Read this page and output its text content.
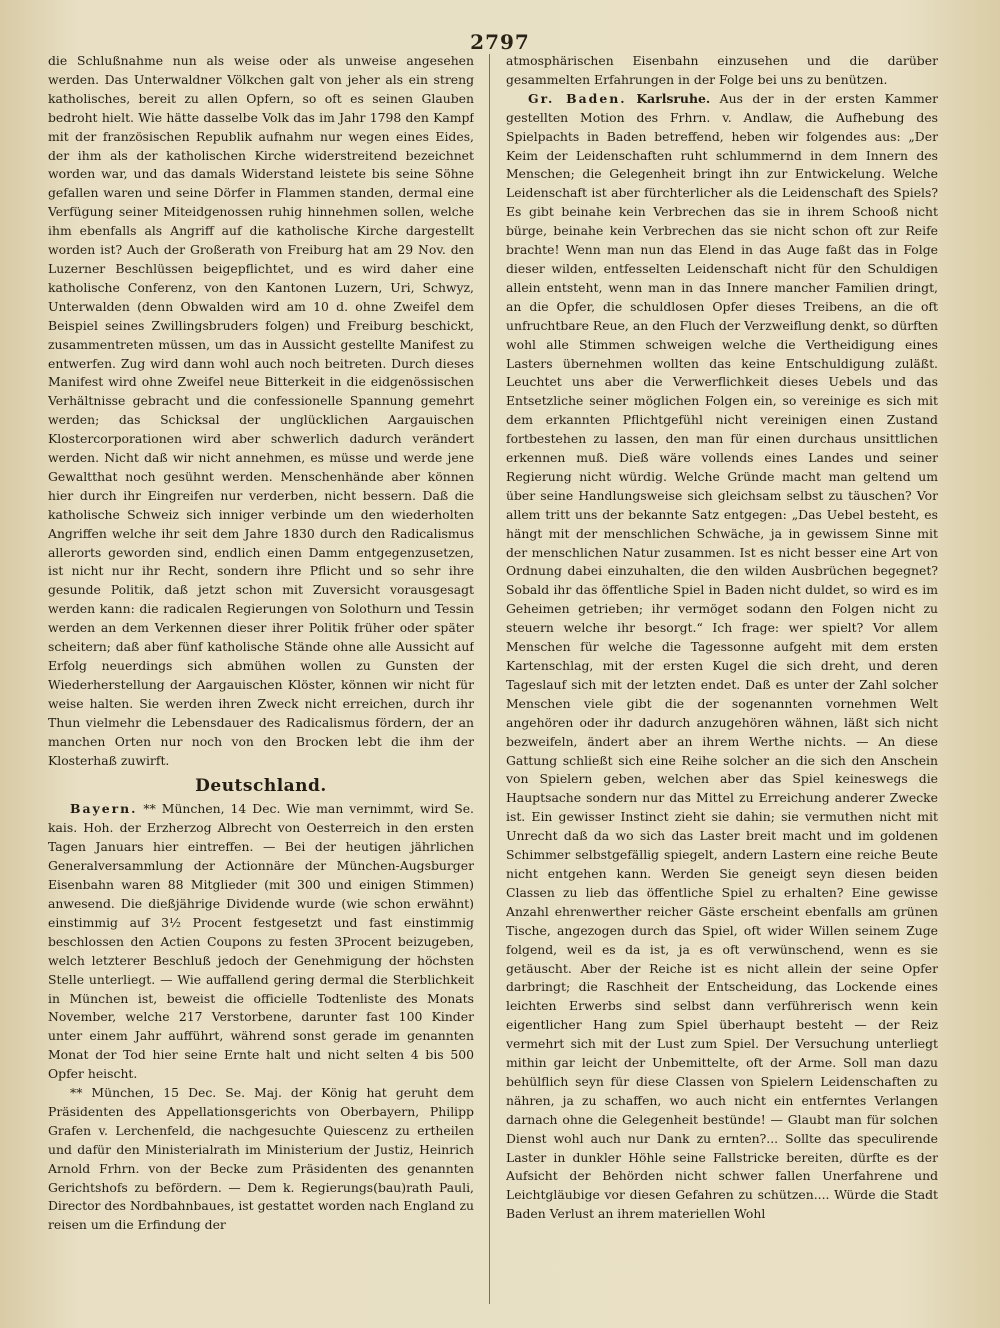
2797

die Schlußnahme nun als weise oder als unweise angesehen werden. Das Unterwaldner Völkchen galt von jeher als ein streng katholisches, bereit zu allen Opfern, so oft es seinen Glauben bedroht hielt. Wie hätte dasselbe Volk das im Jahr 1798 den Kampf mit der französischen Republik aufnahm nur wegen eines Eides, der ihm als der katholischen Kirche widerstreitend bezeichnet worden war, und das damals Widerstand leistete bis seine Söhne gefallen waren und seine Dörfer in Flammen standen, dermal eine Verfügung seiner Miteidgenossen ruhig hinnehmen sollen, welche ihm ebenfalls als Angriff auf die katholische Kirche dargestellt worden ist? Auch der Großerath von Freiburg hat am 29 Nov. den Luzerner Beschlüssen beigepflichtet, und es wird daher eine katholische Conferenz, von den Kantonen Luzern, Uri, Schwyz, Unterwalden (denn Obwalden wird am 10 d. ohne Zweifel dem Beispiel seines Zwillingsbruders folgen) und Freiburg beschickt, zusammentreten müssen, um das in Aussicht gestellte Manifest zu entwerfen. Zug wird dann wohl auch noch beitreten. Durch dieses Manifest wird ohne Zweifel neue Bitterkeit in die eidgenössischen Verhältnisse gebracht und die confessionelle Spannung gemehrt werden; das Schicksal der unglücklichen Aargauischen Klostercorporationen wird aber schwerlich dadurch verändert werden. Nicht daß wir nicht annehmen, es müsse und werde jene Gewaltthat noch gesühnt werden. Menschenhände aber können hier durch ihr Eingreifen nur verderben, nicht bessern. Daß die katholische Schweiz sich inniger verbinde um den wiederholten Angriffen welche ihr seit dem Jahre 1830 durch den Radicalismus allerorts geworden sind, endlich einen Damm entgegenzusetzen, ist nicht nur ihr Recht, sondern ihre Pflicht und so sehr ihre gesunde Politik, daß jetzt schon mit Zuversicht vorausgesagt werden kann: die radicalen Regierungen von Solothurn und Tessin werden an dem Verkennen dieser ihrer Politik früher oder später scheitern; daß aber fünf katholische Stände ohne alle Aussicht auf Erfolg neuerdings sich abmühen wollen zu Gunsten der Wiederherstellung der Aargauischen Klöster, können wir nicht für weise halten. Sie werden ihren Zweck nicht erreichen, durch ihr Thun vielmehr die Lebensdauer des Radicalismus fördern, der an manchen Orten nur noch von den Brocken lebt die ihm der Klosterhaß zuwirft.

Deutschland.

Bayern. ** München, 14 Dec. Wie man vernimmt, wird Se. kais. Hoh. der Erzherzog Albrecht von Oesterreich in den ersten Tagen Januars hier eintreffen. — Bei der heutigen jährlichen Generalversammlung der Actionnäre der München-Augsburger Eisenbahn waren 88 Mitglieder (mit 300 und einigen Stimmen) anwesend. Die dießjährige Dividende wurde (wie schon erwähnt) einstimmig auf 3½ Procent festgesetzt und fast einstimmig beschlossen den Actien Coupons zu festen 3Procent beizugeben, welch letzterer Beschluß jedoch der Genehmigung der höchsten Stelle unterliegt. — Wie auffallend gering dermal die Sterblichkeit in München ist, beweist die officielle Todtenliste des Monats November, welche 217 Verstorbene, darunter fast 100 Kinder unter einem Jahr aufführt, während sonst gerade im genannten Monat der Tod hier seine Ernte halt und nicht selten 4 bis 500 Opfer heischt.

** München, 15 Dec. Se. Maj. der König hat geruht dem Präsidenten des Appellationsgerichts von Oberbayern, Philipp Grafen v. Lerchenfeld, die nachgesuchte Quiescenz zu ertheilen und dafür den Ministerialrath im Ministerium der Justiz, Heinrich Arnold Frhrn. von der Becke zum Präsidenten des genannten Gerichtshofs zu befördern. — Dem k. Regierungs(bau)rath Pauli, Director des Nordbahnbaues, ist gestattet worden nach England zu reisen um die Erfindung der

atmosphärischen Eisenbahn einzusehen und die darüber gesammelten Erfahrungen in der Folge bei uns zu benützen.

Gr. Baden. Karlsruhe. Aus der in der ersten Kammer gestellten Motion des Frhrn. v. Andlaw, die Aufhebung des Spielpachts in Baden betreffend, heben wir folgendes aus: „Der Keim der Leidenschaften ruht schlummernd in dem Innern des Menschen; die Gelegenheit bringt ihn zur Entwickelung. Welche Leidenschaft ist aber fürchterlicher als die Leidenschaft des Spiels? Es gibt beinahe kein Verbrechen das sie in ihrem Schooß nicht bürge, beinahe kein Verbrechen das sie nicht schon oft zur Reife brachte! Wenn man nun das Elend in das Auge faßt das in Folge dieser wilden, entfesselten Leidenschaft nicht für den Schuldigen allein entsteht, wenn man in das Innere mancher Familien dringt, an die Opfer, die schuldlosen Opfer dieses Treibens, an die oft unfruchtbare Reue, an den Fluch der Verzweiflung denkt, so dürften wohl alle Stimmen schweigen welche die Vertheidigung eines Lasters übernehmen wollten das keine Entschuldigung zuläßt. Leuchtet uns aber die Verwerflichkeit dieses Uebels und das Entsetzliche seiner möglichen Folgen ein, so vereinige es sich mit dem erkannten Pflichtgefühl nicht vereinigen einen Zustand fortbestehen zu lassen, den man für einen durchaus unsittlichen erkennen muß. Dieß wäre vollends eines Landes und seiner Regierung nicht würdig. Welche Gründe macht man geltend um über seine Handlungsweise sich gleichsam selbst zu täuschen? Vor allem tritt uns der bekannte Satz entgegen: „Das Uebel besteht, es hängt mit der menschlichen Schwäche, ja in gewissem Sinne mit der menschlichen Natur zusammen. Ist es nicht besser eine Art von Ordnung dabei einzuhalten, die den wilden Ausbrüchen begegnet? Sobald ihr das öffentliche Spiel in Baden nicht duldet, so wird es im Geheimen getrieben; ihr vermöget sodann den Folgen nicht zu steuern welche ihr besorgt.“ Ich frage: wer spielt? Vor allem Menschen für welche die Tagessonne aufgeht mit dem ersten Kartenschlag, mit der ersten Kugel die sich dreht, und deren Tageslauf sich mit der letzten endet. Daß es unter der Zahl solcher Menschen viele gibt die der sogenannten vornehmen Welt angehören oder ihr dadurch anzugehören wähnen, läßt sich nicht bezweifeln, ändert aber an ihrem Werthe nichts. — An diese Gattung schließt sich eine Reihe solcher an die sich den Anschein von Spielern geben, welchen aber das Spiel keineswegs die Hauptsache sondern nur das Mittel zu Erreichung anderer Zwecke ist. Ein gewisser Instinct zieht sie dahin; sie vermuthen nicht mit Unrecht daß da wo sich das Laster breit macht und im goldenen Schimmer selbstgefällig spiegelt, andern Lastern eine reiche Beute nicht entgehen kann. Werden Sie geneigt seyn diesen beiden Classen zu lieb das öffentliche Spiel zu erhalten? Eine gewisse Anzahl ehrenwerther reicher Gäste erscheint ebenfalls am grünen Tische, angezogen durch das Spiel, oft wider Willen seinem Zuge folgend, weil es da ist, ja es oft verwünschend, wenn es sie getäuscht. Aber der Reiche ist es nicht allein der seine Opfer darbringt; die Raschheit der Entscheidung, das Lockende eines leichten Erwerbs sind selbst dann verführerisch wenn kein eigentlicher Hang zum Spiel überhaupt besteht — der Reiz vermehrt sich mit der Lust zum Spiel. Der Versuchung unterliegt mithin gar leicht der Unbemittelte, oft der Arme. Soll man dazu behülflich seyn für diese Classen von Spielern Leidenschaften zu nähren, ja zu schaffen, wo auch nicht ein entferntes Verlangen darnach ohne die Gelegenheit bestünde! — Glaubt man für solchen Dienst wohl auch nur Dank zu ernten?... Sollte das speculirende Laster in dunkler Höhle seine Fallstricke bereiten, dürfte es der Aufsicht der Behörden nicht schwer fallen Unerfahrene und Leichtgläubige vor diesen Gefahren zu schützen.... Würde die Stadt Baden Verlust an ihrem materiellen Wohl
